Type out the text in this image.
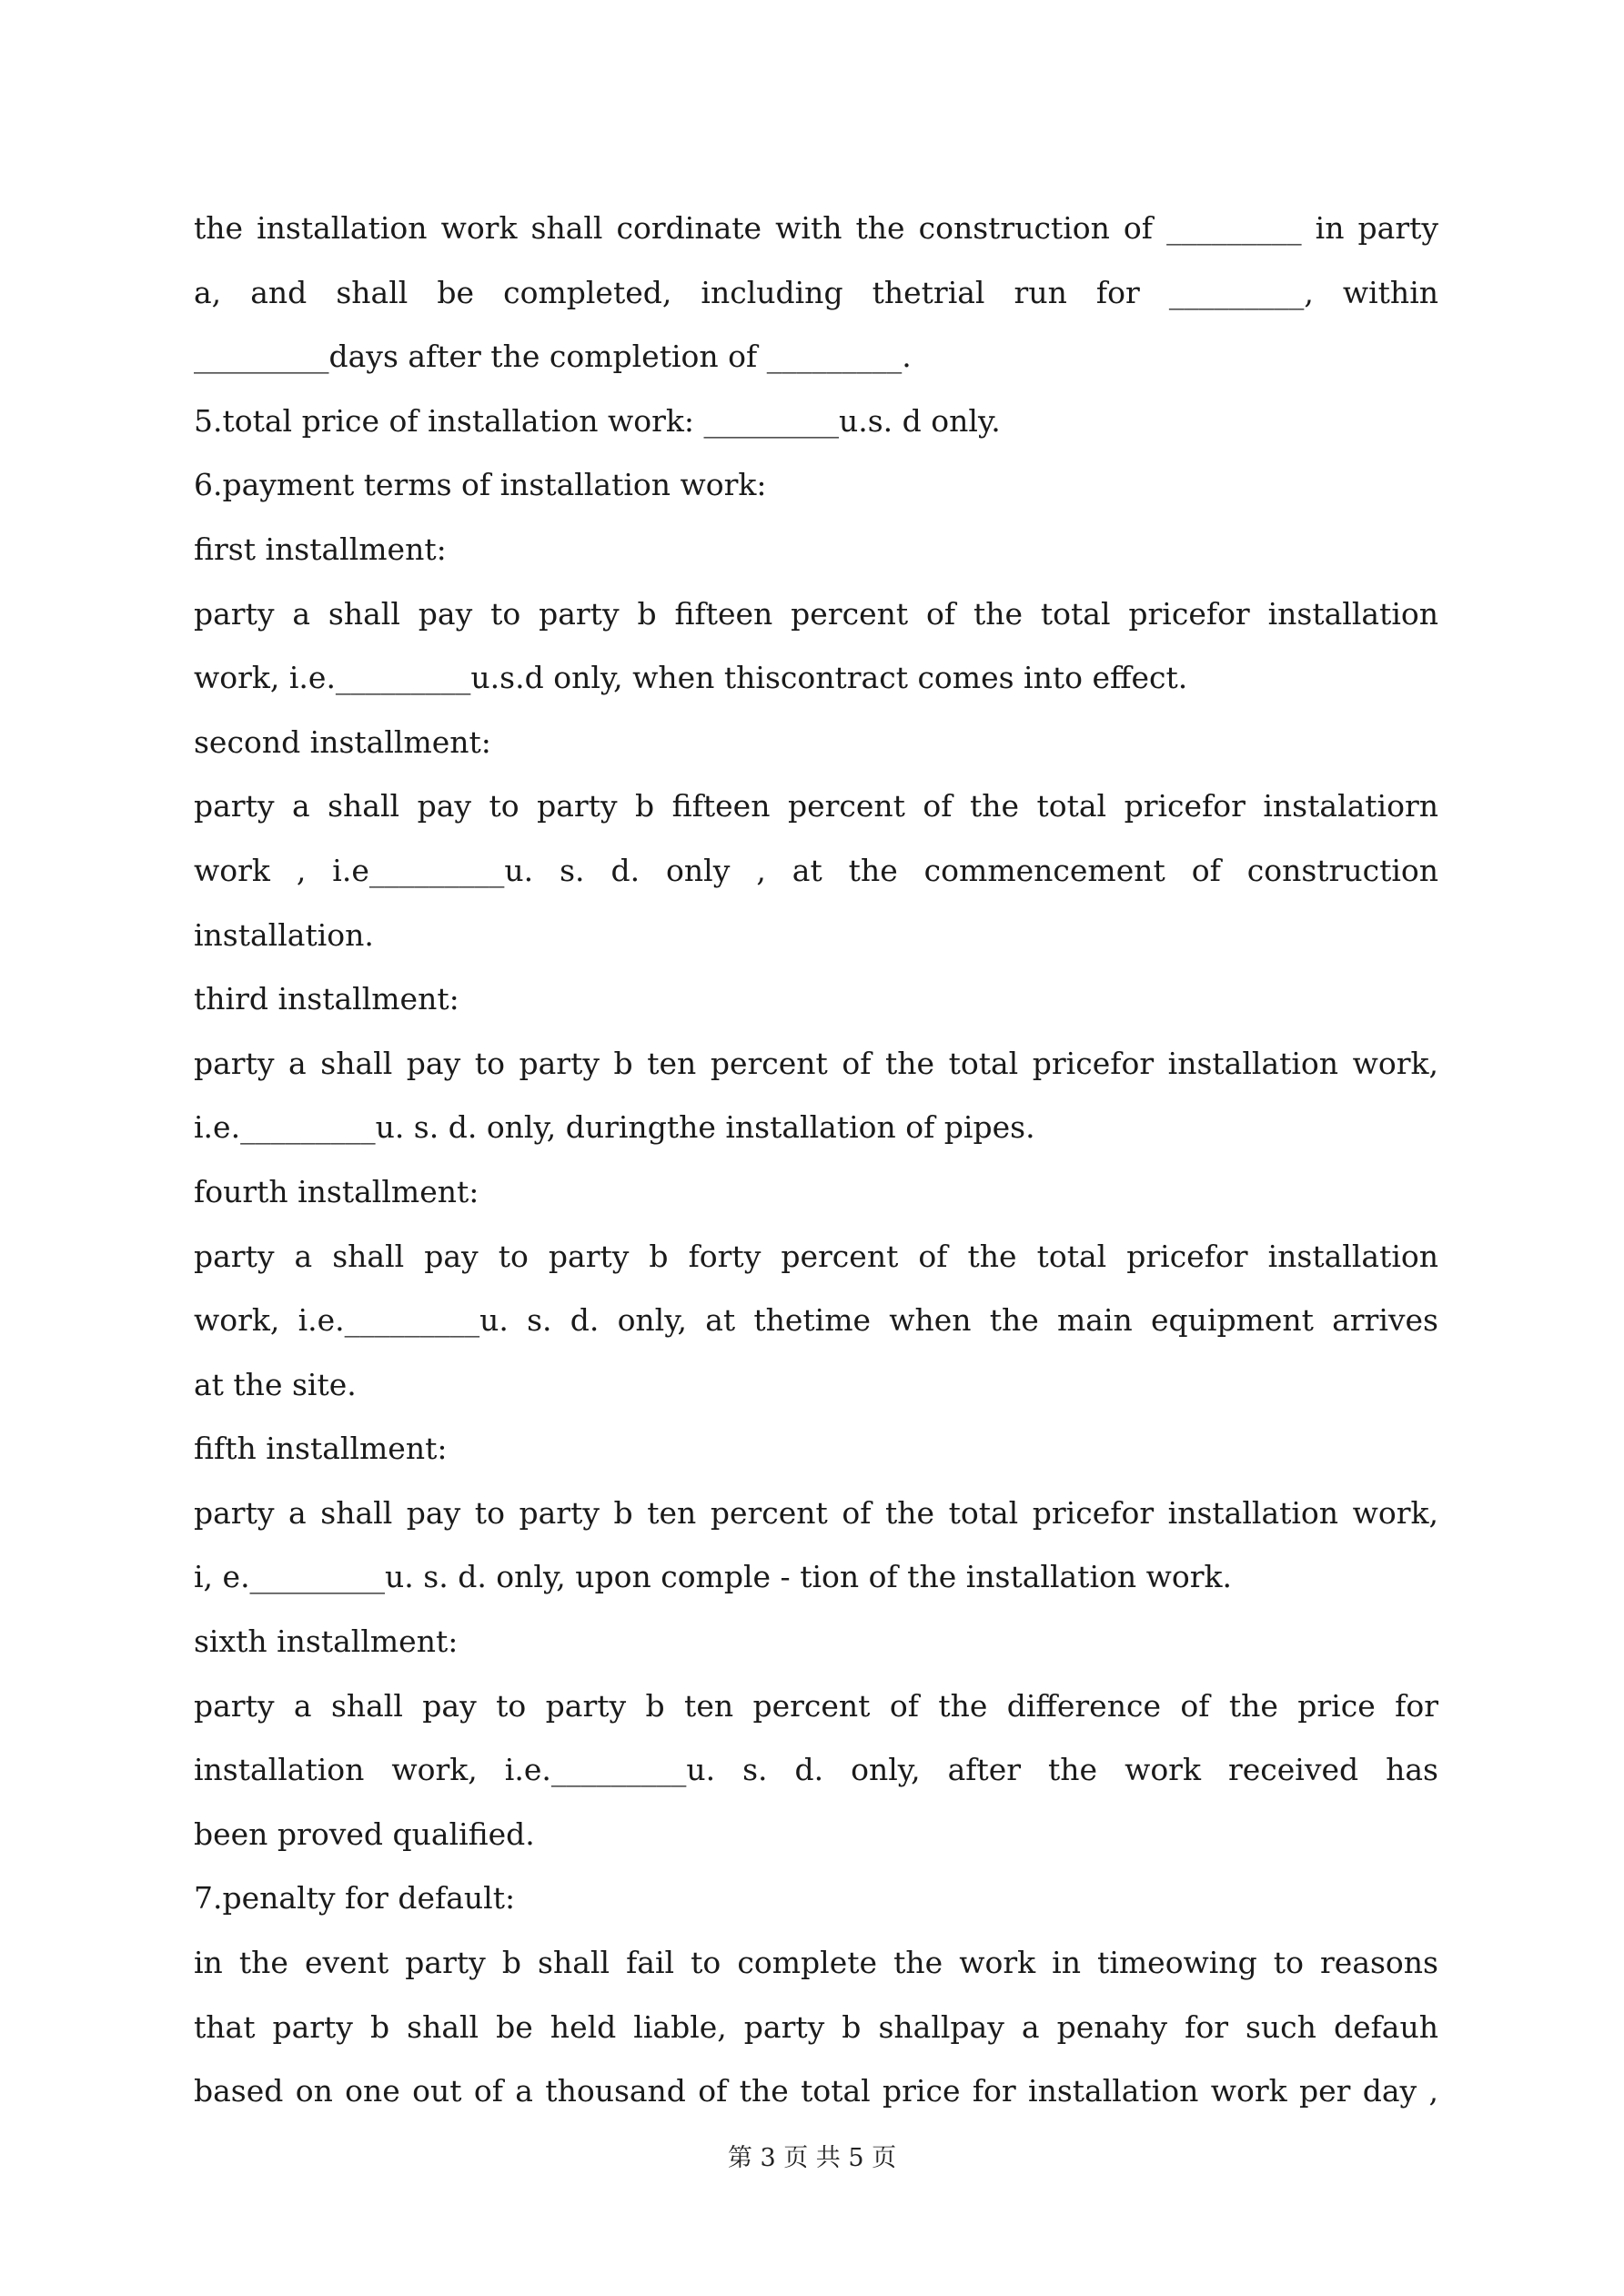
the installation work shall cordinate with the construction of _________ in party
a, and shall be completed, including thetrial run for _________, within
_________days after the completion of _________.
5.total price of installation work: _________u.s. d only.
6.payment terms of installation work:
first installment:
party a shall pay to party b fifteen percent of the total pricefor installation
work, i.e._________u.s.d only, when thiscontract comes into effect.
second installment:
party a shall pay to party b fifteen percent of the total pricefor instalatiorn
work , i.e_________u. s. d. only , at the commencement of construction
installation.
third installment:
party a shall pay to party b ten percent of the total pricefor installation work,
i.e._________u. s. d. only, duringthe installation of pipes.
fourth installment:
party a shall pay to party b forty percent of the total pricefor installation
work, i.e._________u. s. d. only, at thetime when the main equipment arrives
at the site.
fifth installment:
party a shall pay to party b ten percent of the total pricefor installation work,
i, e._________u. s. d. only, upon comple - tion of the installation work.
sixth installment:
party a shall pay to party b ten percent of the difference of the price for
installation work, i.e._________u. s. d. only, after the work received has
been proved qualified.
7.penalty for default:
in the event party b shall fail to complete the work in timeowing to reasons
that party b shall be held liable, party b shallpay a penahy for such defauh
based on one out of a thousand of the total price for installation work per day ,
第 3 页 共 5 页
